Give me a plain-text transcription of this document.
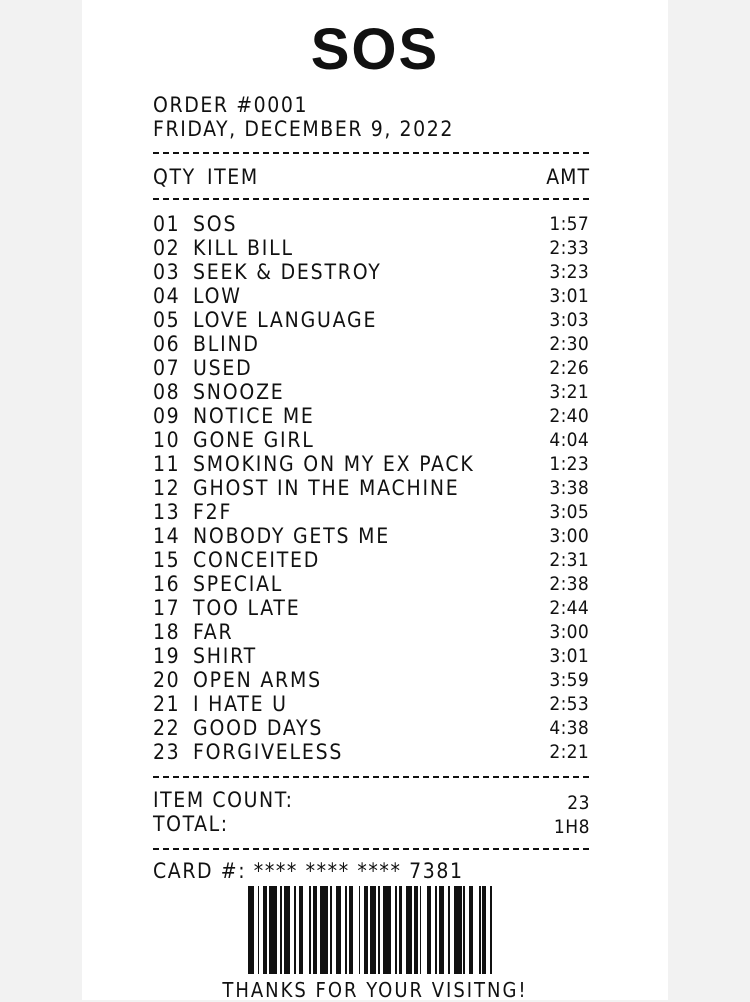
SOS
ORDER #0001
FRIDAY, DECEMBER 9, 2022
QTY ITEM	AMT
01 SOS	1:57
02 KILL BILL	2:33
03 SEEK & DESTROY	3:23
04 LOW	3:01
05 LOVE LANGUAGE	3:03
06 BLIND	2:30
07 USED	2:26
08 SNOOZE	3:21
09 NOTICE ME	2:40
10 GONE GIRL	4:04
11 SMOKING ON MY EX PACK	1:23
12 GHOST IN THE MACHINE	3:38
13 F2F	3:05
14 NOBODY GETS ME	3:00
15 CONCEITED	2:31
16 SPECIAL	2:38
17 TOO LATE	2:44
18 FAR	3:00
19 SHIRT	3:01
20 OPEN ARMS	3:59
21 I HATE U	2:53
22 GOOD DAYS	4:38
23 FORGIVELESS	2:21
ITEM COUNT:	23
TOTAL:	1H8
CARD #: **** **** **** 7381
THANKS FOR YOUR VISITNG!
